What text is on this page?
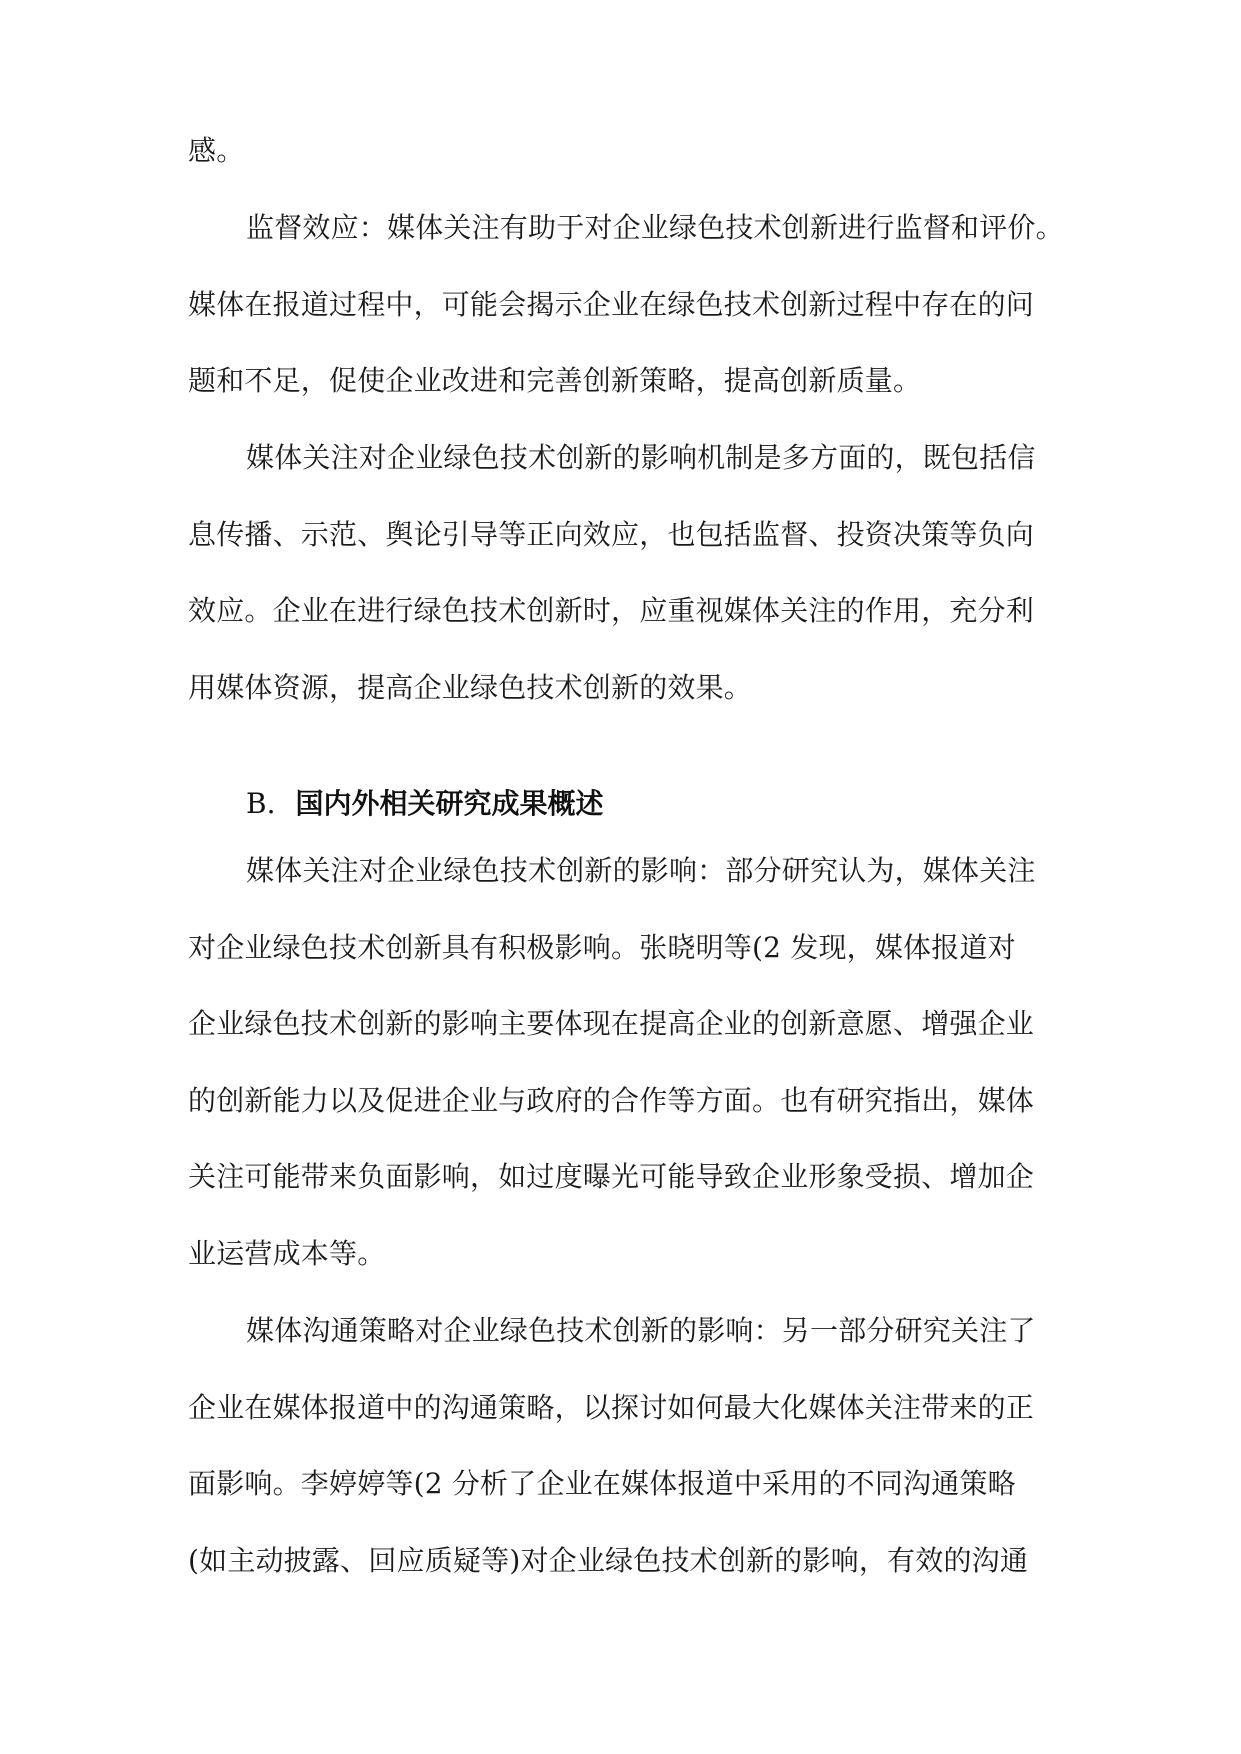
感。
监督效应：媒体关注有助于对企业绿色技术创新进行监督和评价。
媒体在报道过程中，可能会揭示企业在绿色技术创新过程中存在的问
题和不足，促使企业改进和完善创新策略，提高创新质量。
媒体关注对企业绿色技术创新的影响机制是多方面的，既包括信
息传播、示范、舆论引导等正向效应，也包括监督、投资决策等负向
效应。企业在进行绿色技术创新时，应重视媒体关注的作用，充分利
用媒体资源，提高企业绿色技术创新的效果。
B. 国内外相关研究成果概述
媒体关注对企业绿色技术创新的影响：部分研究认为，媒体关注
对企业绿色技术创新具有积极影响。张晓明等(2 发现，媒体报道对
企业绿色技术创新的影响主要体现在提高企业的创新意愿、增强企业
的创新能力以及促进企业与政府的合作等方面。也有研究指出，媒体
关注可能带来负面影响，如过度曝光可能导致企业形象受损、增加企
业运营成本等。
媒体沟通策略对企业绿色技术创新的影响：另一部分研究关注了
企业在媒体报道中的沟通策略，以探讨如何最大化媒体关注带来的正
面影响。李婷婷等(2 分析了企业在媒体报道中采用的不同沟通策略
(如主动披露、回应质疑等)对企业绿色技术创新的影响，有效的沟通
